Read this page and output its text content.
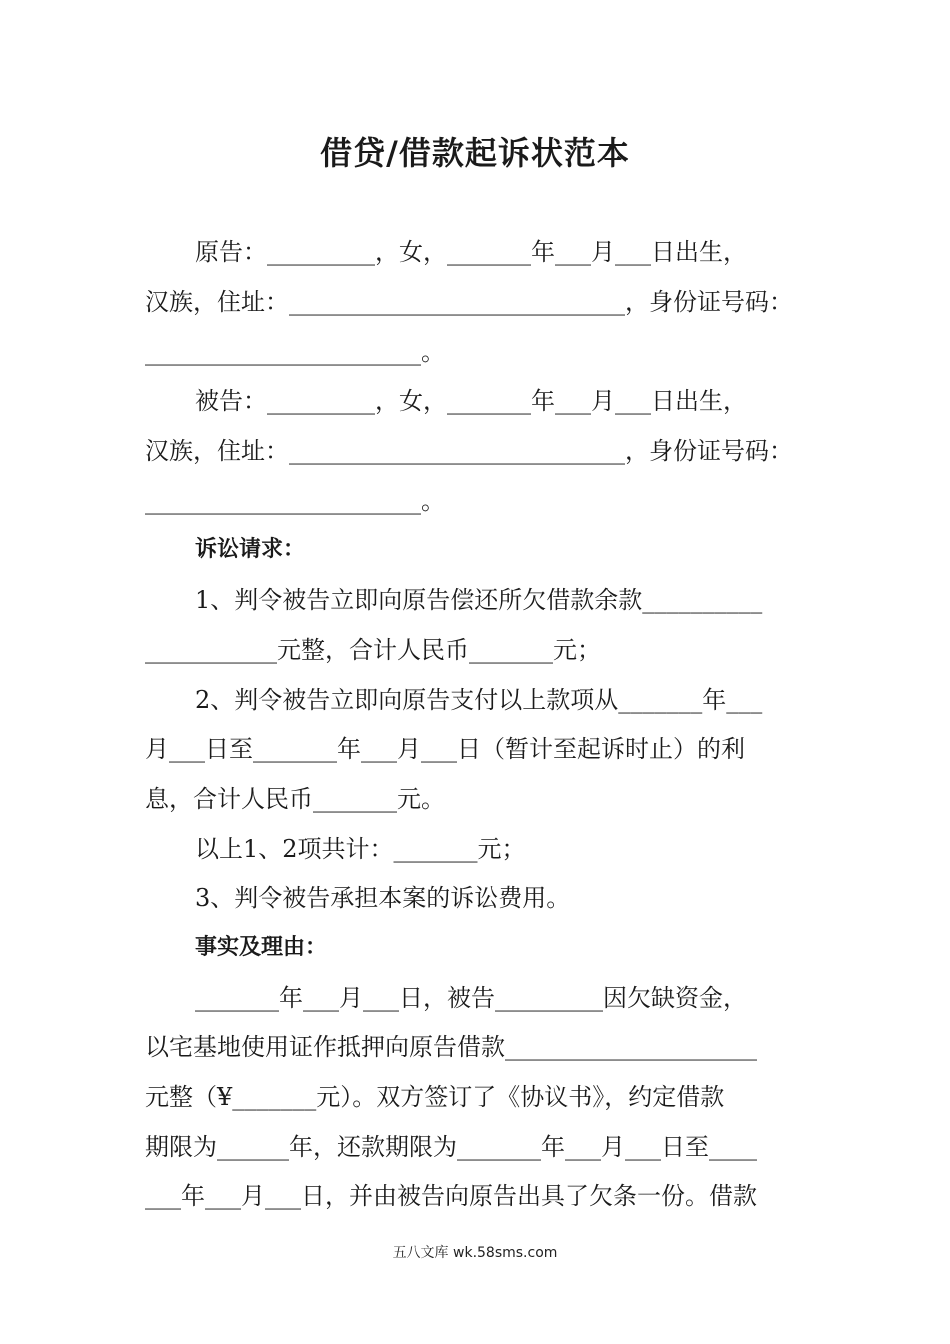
借贷/借款起诉状范本
原告：_________，女，_______年___月___日出生，
汉族，住址：____________________________，身份证号码：
_______________________。
被告：_________，女，_______年___月___日出生，
汉族，住址：____________________________，身份证号码：
_______________________。
诉讼请求：
1、判令被告立即向原告偿还所欠借款余款__________
___________元整，合计人民币_______元；
2、判令被告立即向原告支付以上款项从_______年___
月___日至_______年___月___日（暂计至起诉时止）的利
息，合计人民币_______元。
以上1、2项共计：_______元；
3、判令被告承担本案的诉讼费用。
事实及理由：
_______年___月___日，被告_________因欠缺资金，
以宅基地使用证作抵押向原告借款_____________________
元整（¥_______元）。双方签订了《协议书》，约定借款
期限为______年，还款期限为_______年___月___日至____
___年___月___日，并由被告向原告出具了欠条一份。借款
五八文库 wk.58sms.com
